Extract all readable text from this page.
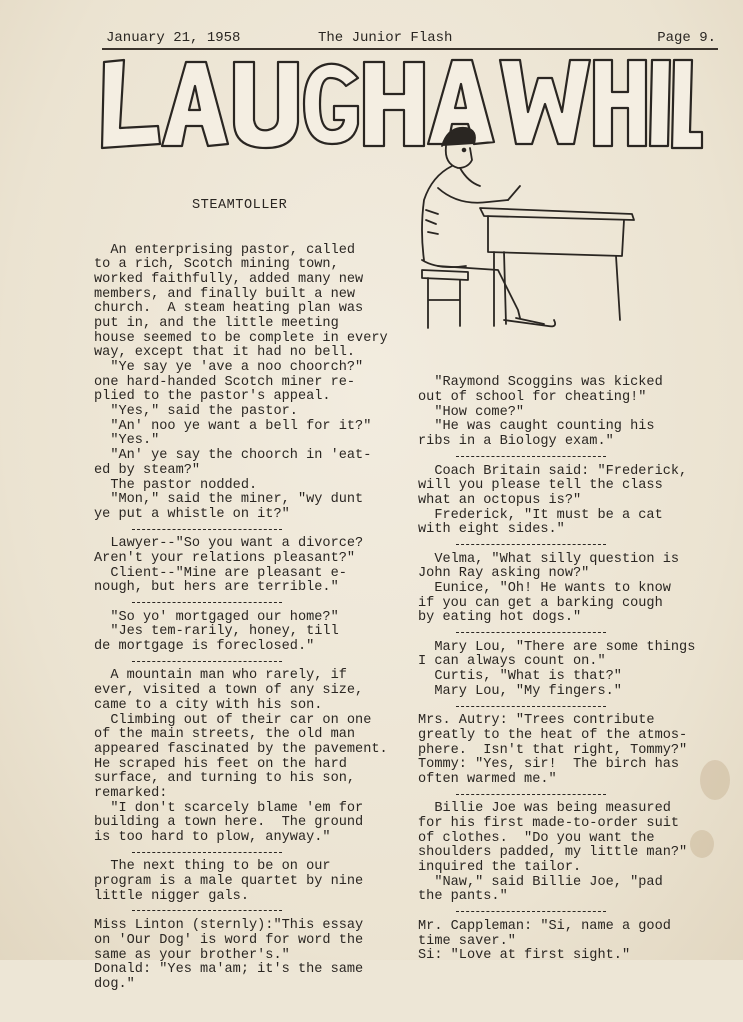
January 21, 1958	The Junior Flash	Page 9.

STEAMTOLLER

An enterprising pastor, called
to a rich, Scotch mining town,
worked faithfully, added many new
members, and finally built a new
church.  A steam heating plan was
put in, and the little meeting
house seemed to be complete in every
way, except that it had no bell.
"Ye say ye 'ave a noo choorch?"
one hard-handed Scotch miner re-
plied to the pastor's appeal.
"Yes," said the pastor.
"An' noo ye want a bell for it?"
"Yes."
"An' ye say the choorch in 'eat-
ed by steam?"
The pastor nodded.
"Mon," said the miner, "wy dunt
ye put a whistle on it?"
Lawyer--"So you want a divorce?
Aren't your relations pleasant?"
Client--"Mine are pleasant e-
nough, but hers are terrible."
"So yo' mortgaged our home?"
"Jes tem-rarily, honey, till
de mortgage is foreclosed."
A mountain man who rarely, if
ever, visited a town of any size,
came to a city with his son.
Climbing out of their car on one
of the main streets, the old man
appeared fascinated by the pavement.
He scraped his feet on the hard
surface, and turning to his son,
remarked:
"I don't scarcely blame 'em for
building a town here.  The ground
is too hard to plow, anyway."
The next thing to be on our
program is a male quartet by nine
little nigger gals.
Miss Linton (sternly):"This essay
on 'Our Dog' is word for word the
same as your brother's."
Donald: "Yes ma'am; it's the same
dog."

"Raymond Scoggins was kicked
out of school for cheating!"
"How come?"
"He was caught counting his
ribs in a Biology exam."
Coach Britain said: "Frederick,
will you please tell the class
what an octopus is?"
Frederick, "It must be a cat
with eight sides."
Velma, "What silly question is
John Ray asking now?"
Eunice, "Oh! He wants to know
if you can get a barking cough
by eating hot dogs."
Mary Lou, "There are some things
I can always count on."
Curtis, "What is that?"
Mary Lou, "My fingers."
Mrs. Autry: "Trees contribute
greatly to the heat of the atmos-
phere.  Isn't that right, Tommy?"
Tommy: "Yes, sir!  The birch has
often warmed me."
Billie Joe was being measured
for his first made-to-order suit
of clothes.  "Do you want the
shoulders padded, my little man?"
inquired the tailor.
"Naw," said Billie Joe, "pad
the pants."
Mr. Cappleman: "Si, name a good
time saver."
Si: "Love at first sight."
